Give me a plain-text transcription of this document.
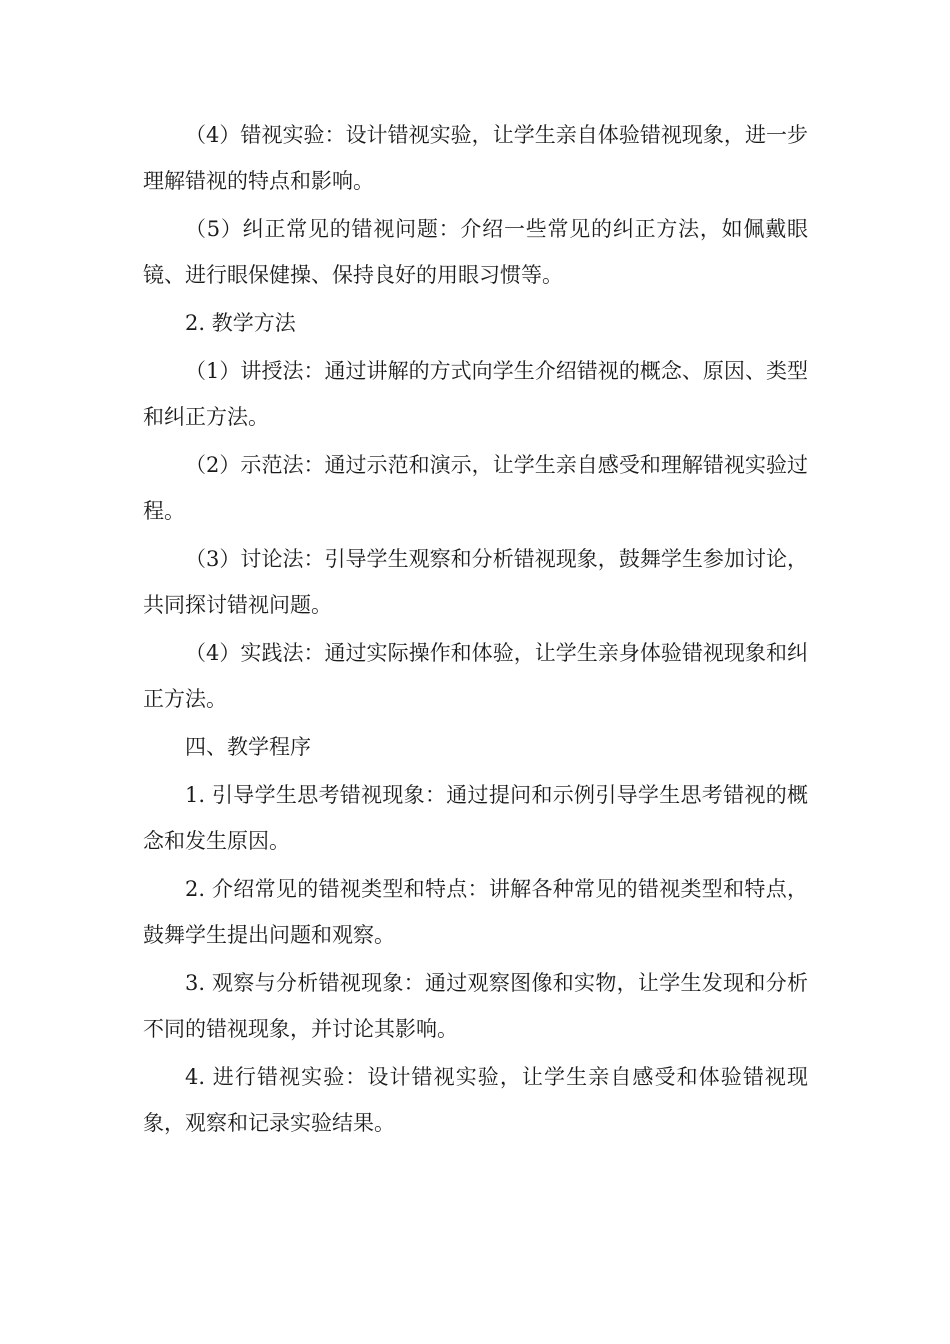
（4）错视实验：设计错视实验，让学生亲自体验错视现象，进一步理解错视的特点和影响。

（5）纠正常见的错视问题：介绍一些常见的纠正方法，如佩戴眼镜、进行眼保健操、保持良好的用眼习惯等。

2. 教学方法

（1）讲授法：通过讲解的方式向学生介绍错视的概念、原因、类型和纠正方法。

（2）示范法：通过示范和演示，让学生亲自感受和理解错视实验过程。

（3）讨论法：引导学生观察和分析错视现象，鼓舞学生参加讨论，共同探讨错视问题。

（4）实践法：通过实际操作和体验，让学生亲身体验错视现象和纠正方法。

四、教学程序

1. 引导学生思考错视现象：通过提问和示例引导学生思考错视的概念和发生原因。

2. 介绍常见的错视类型和特点：讲解各种常见的错视类型和特点，鼓舞学生提出问题和观察。

3. 观察与分析错视现象：通过观察图像和实物，让学生发现和分析不同的错视现象，并讨论其影响。

4. 进行错视实验：设计错视实验，让学生亲自感受和体验错视现象，观察和记录实验结果。
